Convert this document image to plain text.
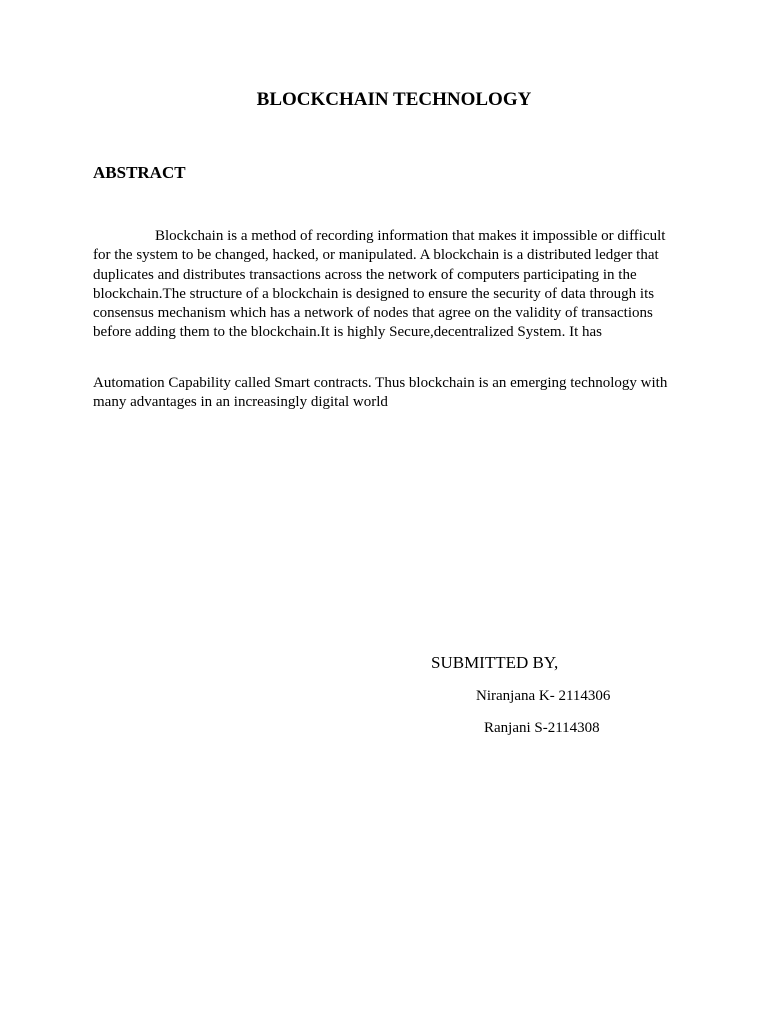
BLOCKCHAIN TECHNOLOGY
ABSTRACT

Blockchain is a method of recording information that makes it impossible or difficult for the system to be changed, hacked, or manipulated. A blockchain is a distributed ledger that duplicates and distributes transactions across the network of computers participating in the blockchain.The structure of a blockchain is designed to ensure the security of data through its consensus mechanism which has a network of nodes that agree on the validity of transactions before adding them to the blockchain.It is highly Secure,decentralized System. It has

Automation Capability called Smart contracts. Thus blockchain is an emerging technology with many advantages in an increasingly digital world

SUBMITTED BY,

Niranjana K- 2114306

Ranjani S-2114308
